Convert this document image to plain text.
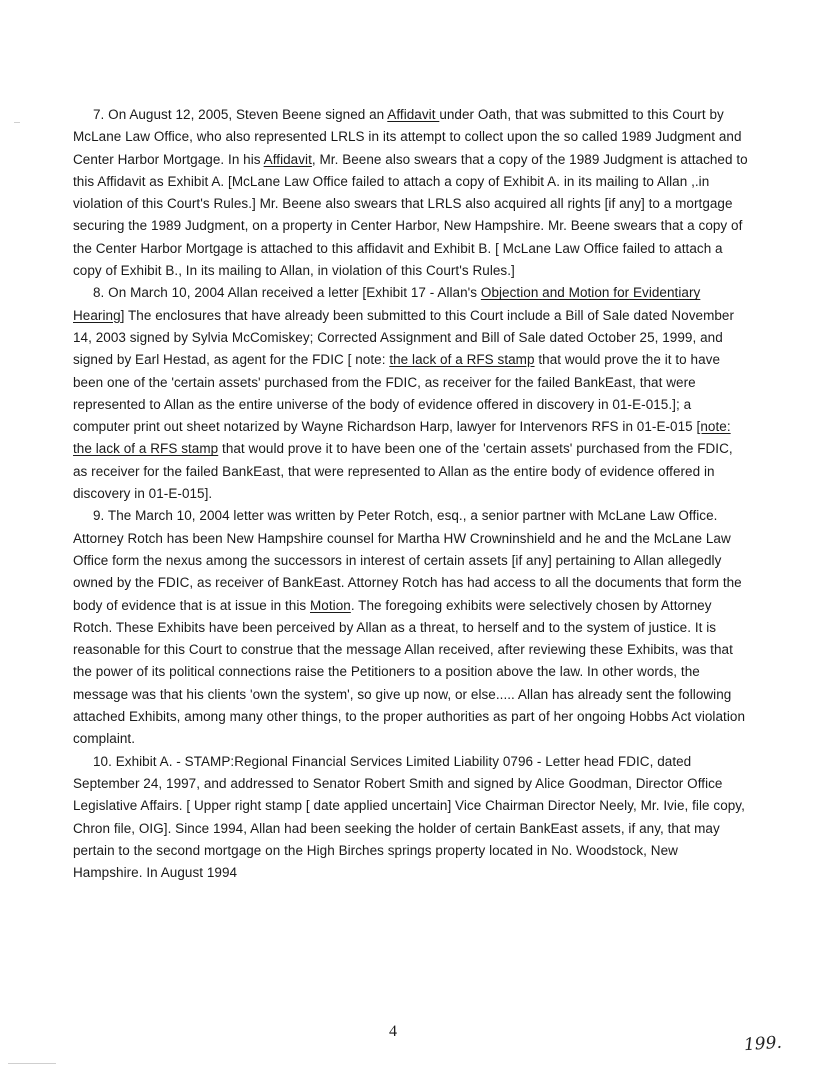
7. On August 12, 2005, Steven Beene signed an Affidavit under Oath, that was submitted to this Court by McLane Law Office, who also represented LRLS in its attempt to collect upon the so called 1989 Judgment and Center Harbor Mortgage. In his Affidavit, Mr. Beene also swears that a copy of the 1989 Judgment is attached to this Affidavit as Exhibit A. [McLane Law Office failed to attach a copy of Exhibit A. in its mailing to Allan ,.in violation of this Court's Rules.] Mr. Beene also swears that LRLS also acquired all rights [if any] to a mortgage securing the 1989 Judgment, on a property in Center Harbor, New Hampshire. Mr. Beene swears that a copy of the Center Harbor Mortgage is attached to this affidavit and Exhibit B. [ McLane Law Office failed to attach a copy of Exhibit B., In its mailing to Allan, in violation of this Court's Rules.]

8. On March 10, 2004 Allan received a letter [Exhibit 17 - Allan's Objection and Motion for Evidentiary Hearing] The enclosures that have already been submitted to this Court include a Bill of Sale dated November 14, 2003 signed by Sylvia McComiskey; Corrected Assignment and Bill of Sale dated October 25, 1999, and signed by Earl Hestad, as agent for the FDIC [ note: the lack of a RFS stamp that would prove the it to have been one of the 'certain assets' purchased from the FDIC, as receiver for the failed BankEast, that were represented to Allan as the entire universe of the body of evidence offered in discovery in 01-E-015.]; a computer print out sheet notarized by Wayne Richardson Harp, lawyer for Intervenors RFS in 01-E-015 [note: the lack of a RFS stamp that would prove it to have been one of the 'certain assets' purchased from the FDIC, as receiver for the failed BankEast, that were represented to Allan as the entire body of evidence offered in discovery in 01-E-015].

9. The March 10, 2004 letter was written by Peter Rotch, esq., a senior partner with McLane Law Office. Attorney Rotch has been New Hampshire counsel for Martha HW Crowninshield and he and the McLane Law Office form the nexus among the successors in interest of certain assets [if any] pertaining to Allan allegedly owned by the FDIC, as receiver of BankEast. Attorney Rotch has had access to all the documents that form the body of evidence that is at issue in this Motion. The foregoing exhibits were selectively chosen by Attorney Rotch. These Exhibits have been perceived by Allan as a threat, to herself and to the system of justice. It is reasonable for this Court to construe that the message Allan received, after reviewing these Exhibits, was that the power of its political connections raise the Petitioners to a position above the law. In other words, the message was that his clients 'own the system', so give up now, or else..... Allan has already sent the following attached Exhibits, among many other things, to the proper authorities as part of her ongoing Hobbs Act violation complaint.

10. Exhibit A. - STAMP:Regional Financial Services Limited Liability 0796 - Letter head FDIC, dated September 24, 1997, and addressed to Senator Robert Smith and signed by Alice Goodman, Director Office Legislative Affairs. [ Upper right stamp [ date applied uncertain] Vice Chairman Director Neely, Mr. Ivie, file copy, Chron file, OIG]. Since 1994, Allan had been seeking the holder of certain BankEast assets, if any, that may pertain to the second mortgage on the High Birches springs property located in No. Woodstock, New Hampshire. In August 1994

4
199.
